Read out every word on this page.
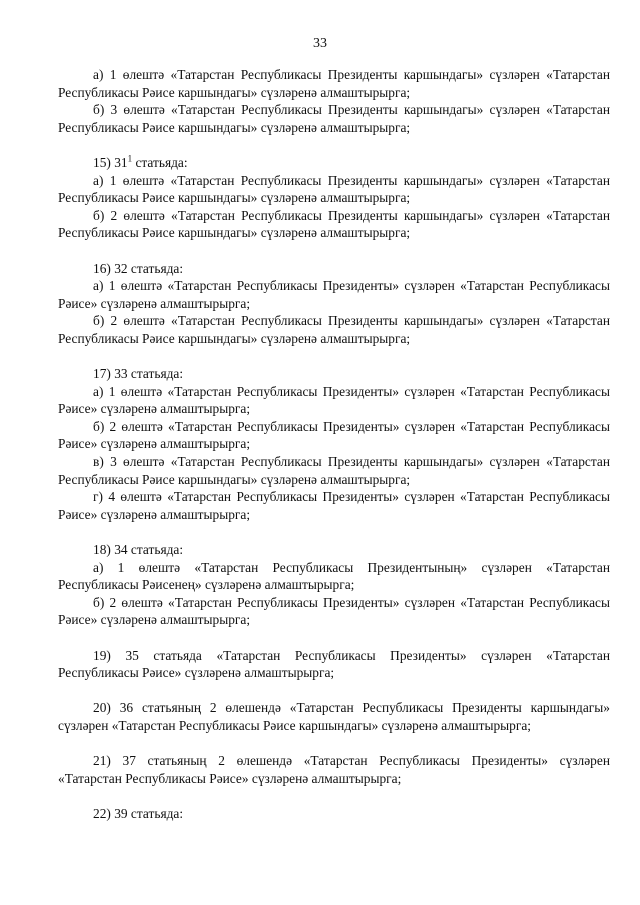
33

а) 1 өлештә «Татарстан Республикасы Президенты каршындагы» сүзләрен «Татарстан Республикасы Рәисе каршындагы» сүзләренә алмаштырырга;

б) 3 өлештә «Татарстан Республикасы Президенты каршындагы» сүзләрен «Татарстан Республикасы Рәисе каршындагы» сүзләренә алмаштырырга;

15) $31^1$ статьяда:

а) 1 өлештә «Татарстан Республикасы Президенты каршындагы» сүзләрен «Татарстан Республикасы Рәисе каршындагы» сүзләренә алмаштырырга;

б) 2 өлештә «Татарстан Республикасы Президенты каршындагы» сүзләрен «Татарстан Республикасы Рәисе каршындагы» сүзләренә алмаштырырга;

16) 32 статьяда:

а) 1 өлештә «Татарстан Республикасы Президенты» сүзләрен «Татарстан Республикасы Рәисе» сүзләренә алмаштырырга;

б) 2 өлештә «Татарстан Республикасы Президенты каршындагы» сүзләрен «Татарстан Республикасы Рәисе каршындагы» сүзләренә алмаштырырга;

17) 33 статьяда:

а) 1 өлештә «Татарстан Республикасы Президенты» сүзләрен «Татарстан Республикасы Рәисе» сүзләренә алмаштырырга;

б) 2 өлештә «Татарстан Республикасы Президенты» сүзләрен «Татарстан Республикасы Рәисе» сүзләренә алмаштырырга;

в) 3 өлештә «Татарстан Республикасы Президенты каршындагы» сүзләрен «Татарстан Республикасы Рәисе каршындагы» сүзләренә алмаштырырга;

г) 4 өлештә «Татарстан Республикасы Президенты» сүзләрен «Татарстан Республикасы Рәисе» сүзләренә алмаштырырга;

18) 34 статьяда:

а) 1 өлештә «Татарстан Республикасы Президентының» сүзләрен «Татарстан Республикасы Рәисенең» сүзләренә алмаштырырга;

б) 2 өлештә «Татарстан Республикасы Президенты» сүзләрен «Татарстан Республикасы Рәисе» сүзләренә алмаштырырга;

19) 35 статьяда «Татарстан Республикасы Президенты» сүзләрен «Татарстан Республикасы Рәисе» сүзләренә алмаштырырга;

20) 36 статьяның 2 өлешендә «Татарстан Республикасы Президенты каршындагы» сүзләрен «Татарстан Республикасы Рәисе каршындагы» сүзләренә алмаштырырга;

21) 37 статьяның 2 өлешендә «Татарстан Республикасы Президенты» сүзләрен «Татарстан Республикасы Рәисе» сүзләренә алмаштырырга;

22) 39 статьяда:
